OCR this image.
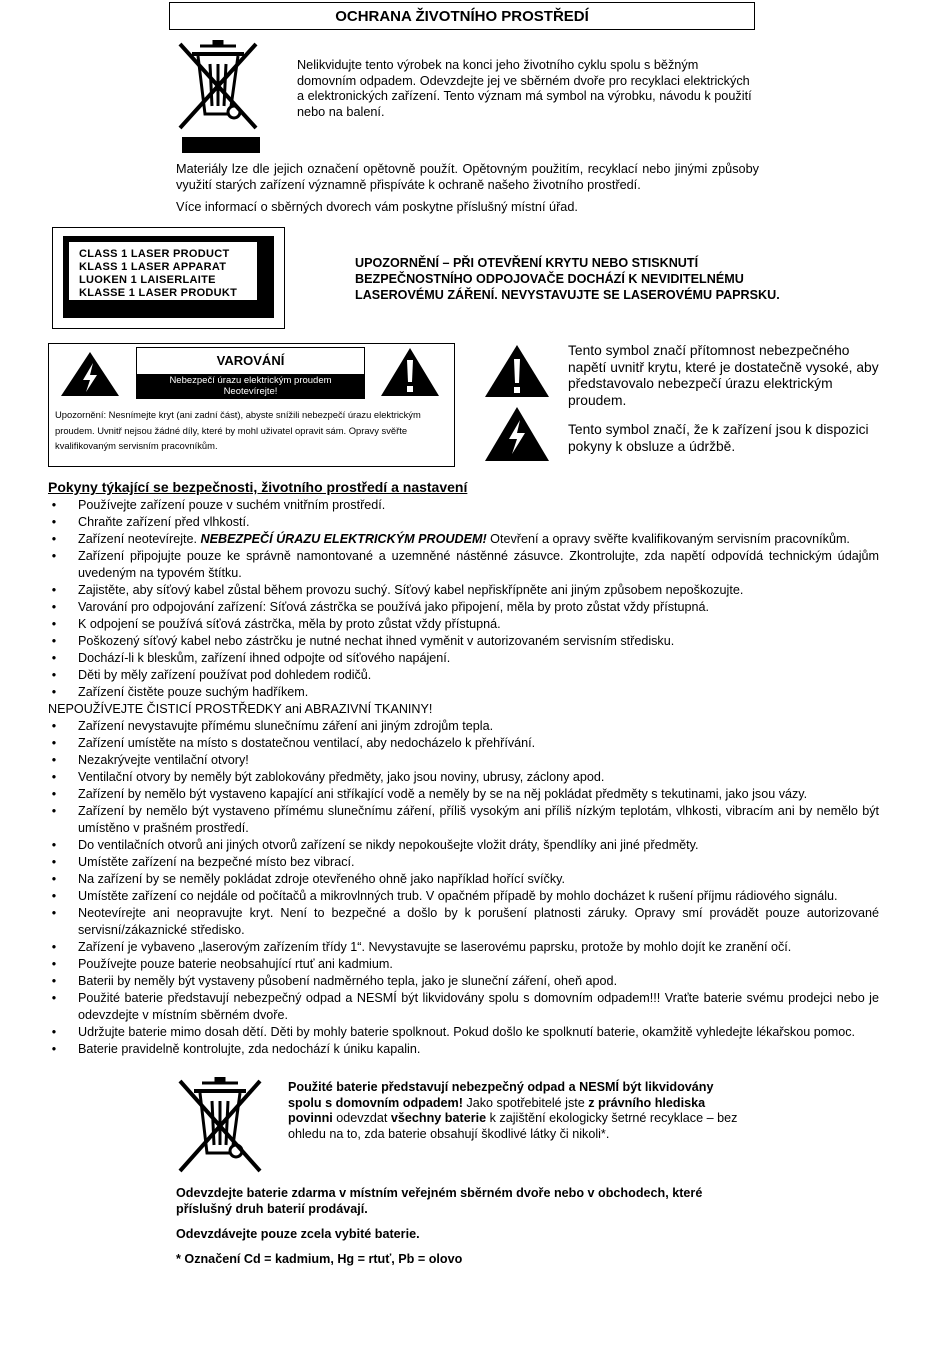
OCHRANA ŽIVOTNÍHO PROSTŘEDÍ
Nelikvidujte tento výrobek na konci jeho životního cyklu spolu s běžným domovním odpadem. Odevzdejte jej ve sběrném dvoře pro recyklaci elektrických a elektronických zařízení. Tento význam má symbol na výrobku, návodu k použití nebo na balení.
Materiály lze dle jejich označení opětovně použít. Opětovným použitím, recyklací nebo jinými způsoby využití starých zařízení významně přispíváte k ochraně našeho životního prostředí.
Více informací o sběrných dvorech vám poskytne příslušný místní úřad.
CLASS 1 LASER PRODUCT
KLASS 1 LASER APPARAT
LUOKEN 1 LAISERLAITE
KLASSE 1 LASER PRODUKT
UPOZORNĚNÍ – PŘI OTEVŘENÍ KRYTU NEBO STISKNUTÍ
BEZPEČNOSTNÍHO ODPOJOVAČE DOCHÁZÍ K NEVIDITELNÉMU
LASEROVÉMU ZÁŘENÍ. NEVYSTAVUJTE SE LASEROVÉMU PAPRSKU.
VAROVÁNÍ
Nebezpečí úrazu elektrickým proudem
Neotevírejte!
Upozornění: Nesnímejte kryt (ani zadní část), abyste snížili nebezpečí úrazu elektrickým proudem. Uvnitř nejsou žádné díly, které by mohl uživatel opravit sám. Opravy svěřte kvalifikovaným servisním pracovníkům.
Tento symbol značí přítomnost nebezpečného napětí uvnitř krytu, které je dostatečně vysoké, aby představovalo nebezpečí úrazu elektrickým proudem.
Tento symbol značí, že k zařízení jsou k dispozici pokyny k obsluze a údržbě.
Pokyny týkající se bezpečnosti, životního prostředí a nastavení
•	Používejte zařízení pouze v suchém vnitřním prostředí.
•	Chraňte zařízení před vlhkostí.
•	Zařízení neotevírejte. NEBEZPEČÍ ÚRAZU ELEKTRICKÝM PROUDEM! Otevření a opravy svěřte kvalifikovaným servisním pracovníkům.
•	Zařízení připojujte pouze ke správně namontované a uzemněné nástěnné zásuvce. Zkontrolujte, zda napětí odpovídá technickým údajům uvedeným na typovém štítku.
•	Zajistěte, aby síťový kabel zůstal během provozu suchý. Síťový kabel nepřiskřípněte ani jiným způsobem nepoškozujte.
•	Varování pro odpojování zařízení: Síťová zástrčka se používá jako připojení, měla by proto zůstat vždy přístupná.
•	K odpojení se používá síťová zástrčka, měla by proto zůstat vždy přístupná.
•	Poškozený síťový kabel nebo zástrčku je nutné nechat ihned vyměnit v autorizovaném servisním středisku.
•	Dochází-li k bleskům, zařízení ihned odpojte od síťového napájení.
•	Děti by měly zařízení používat pod dohledem rodičů.
•	Zařízení čistěte pouze suchým hadříkem.
NEPOUŽÍVEJTE ČISTICÍ PROSTŘEDKY ani ABRAZIVNÍ TKANINY!
•	Zařízení nevystavujte přímému slunečnímu záření ani jiným zdrojům tepla.
•	Zařízení umístěte na místo s dostatečnou ventilací, aby nedocházelo k přehřívání.
•	Nezakrývejte ventilační otvory!
•	Ventilační otvory by neměly být zablokovány předměty, jako jsou noviny, ubrusy, záclony apod.
•	Zařízení by nemělo být vystaveno kapající ani stříkající vodě a neměly by se na něj pokládat předměty s tekutinami, jako jsou vázy.
•	Zařízení by nemělo být vystaveno přímému slunečnímu záření, příliš vysokým ani příliš nízkým teplotám, vlhkosti, vibracím ani by nemělo být umístěno v prašném prostředí.
•	Do ventilačních otvorů ani jiných otvorů zařízení se nikdy nepokoušejte vložit dráty, špendlíky ani jiné předměty.
•	Umístěte zařízení na bezpečné místo bez vibrací.
•	Na zařízení by se neměly pokládat zdroje otevřeného ohně jako například hořící svíčky.
•	Umístěte zařízení co nejdále od počítačů a mikrovlnných trub. V opačném případě by mohlo docházet k rušení příjmu rádiového signálu.
•	Neotevírejte ani neopravujte kryt. Není to bezpečné a došlo by k porušení platnosti záruky. Opravy smí provádět pouze autorizované servisní/zákaznické středisko.
•	Zařízení je vybaveno „laserovým zařízením třídy 1“. Nevystavujte se laserovému paprsku, protože by mohlo dojít ke zranění očí.
•	Používejte pouze baterie neobsahující rtuť ani kadmium.
•	Baterii by neměly být vystaveny působení nadměrného tepla, jako je sluneční záření, oheň apod.
•	Použité baterie představují nebezpečný odpad a NESMÍ být likvidovány spolu s domovním odpadem!!! Vraťte baterie svému prodejci nebo je odevzdejte v místním sběrném dvoře.
•	Udržujte baterie mimo dosah dětí. Děti by mohly baterie spolknout. Pokud došlo ke spolknutí baterie, okamžitě vyhledejte lékařskou pomoc.
•	Baterie pravidelně kontrolujte, zda nedochází k úniku kapalin.
Použité baterie představují nebezpečný odpad a NESMÍ být likvidovány spolu s domovním odpadem! Jako spotřebitelé jste z právního hlediska povinni odevzdat všechny baterie k zajištění ekologicky šetrné recyklace – bez ohledu na to, zda baterie obsahují škodlivé látky či nikoli*.
Odevzdejte baterie zdarma v místním veřejném sběrném dvoře nebo v obchodech, které příslušný druh baterií prodávají.
Odevzdávejte pouze zcela vybité baterie.
* Označení Cd = kadmium, Hg = rtuť, Pb = olovo
